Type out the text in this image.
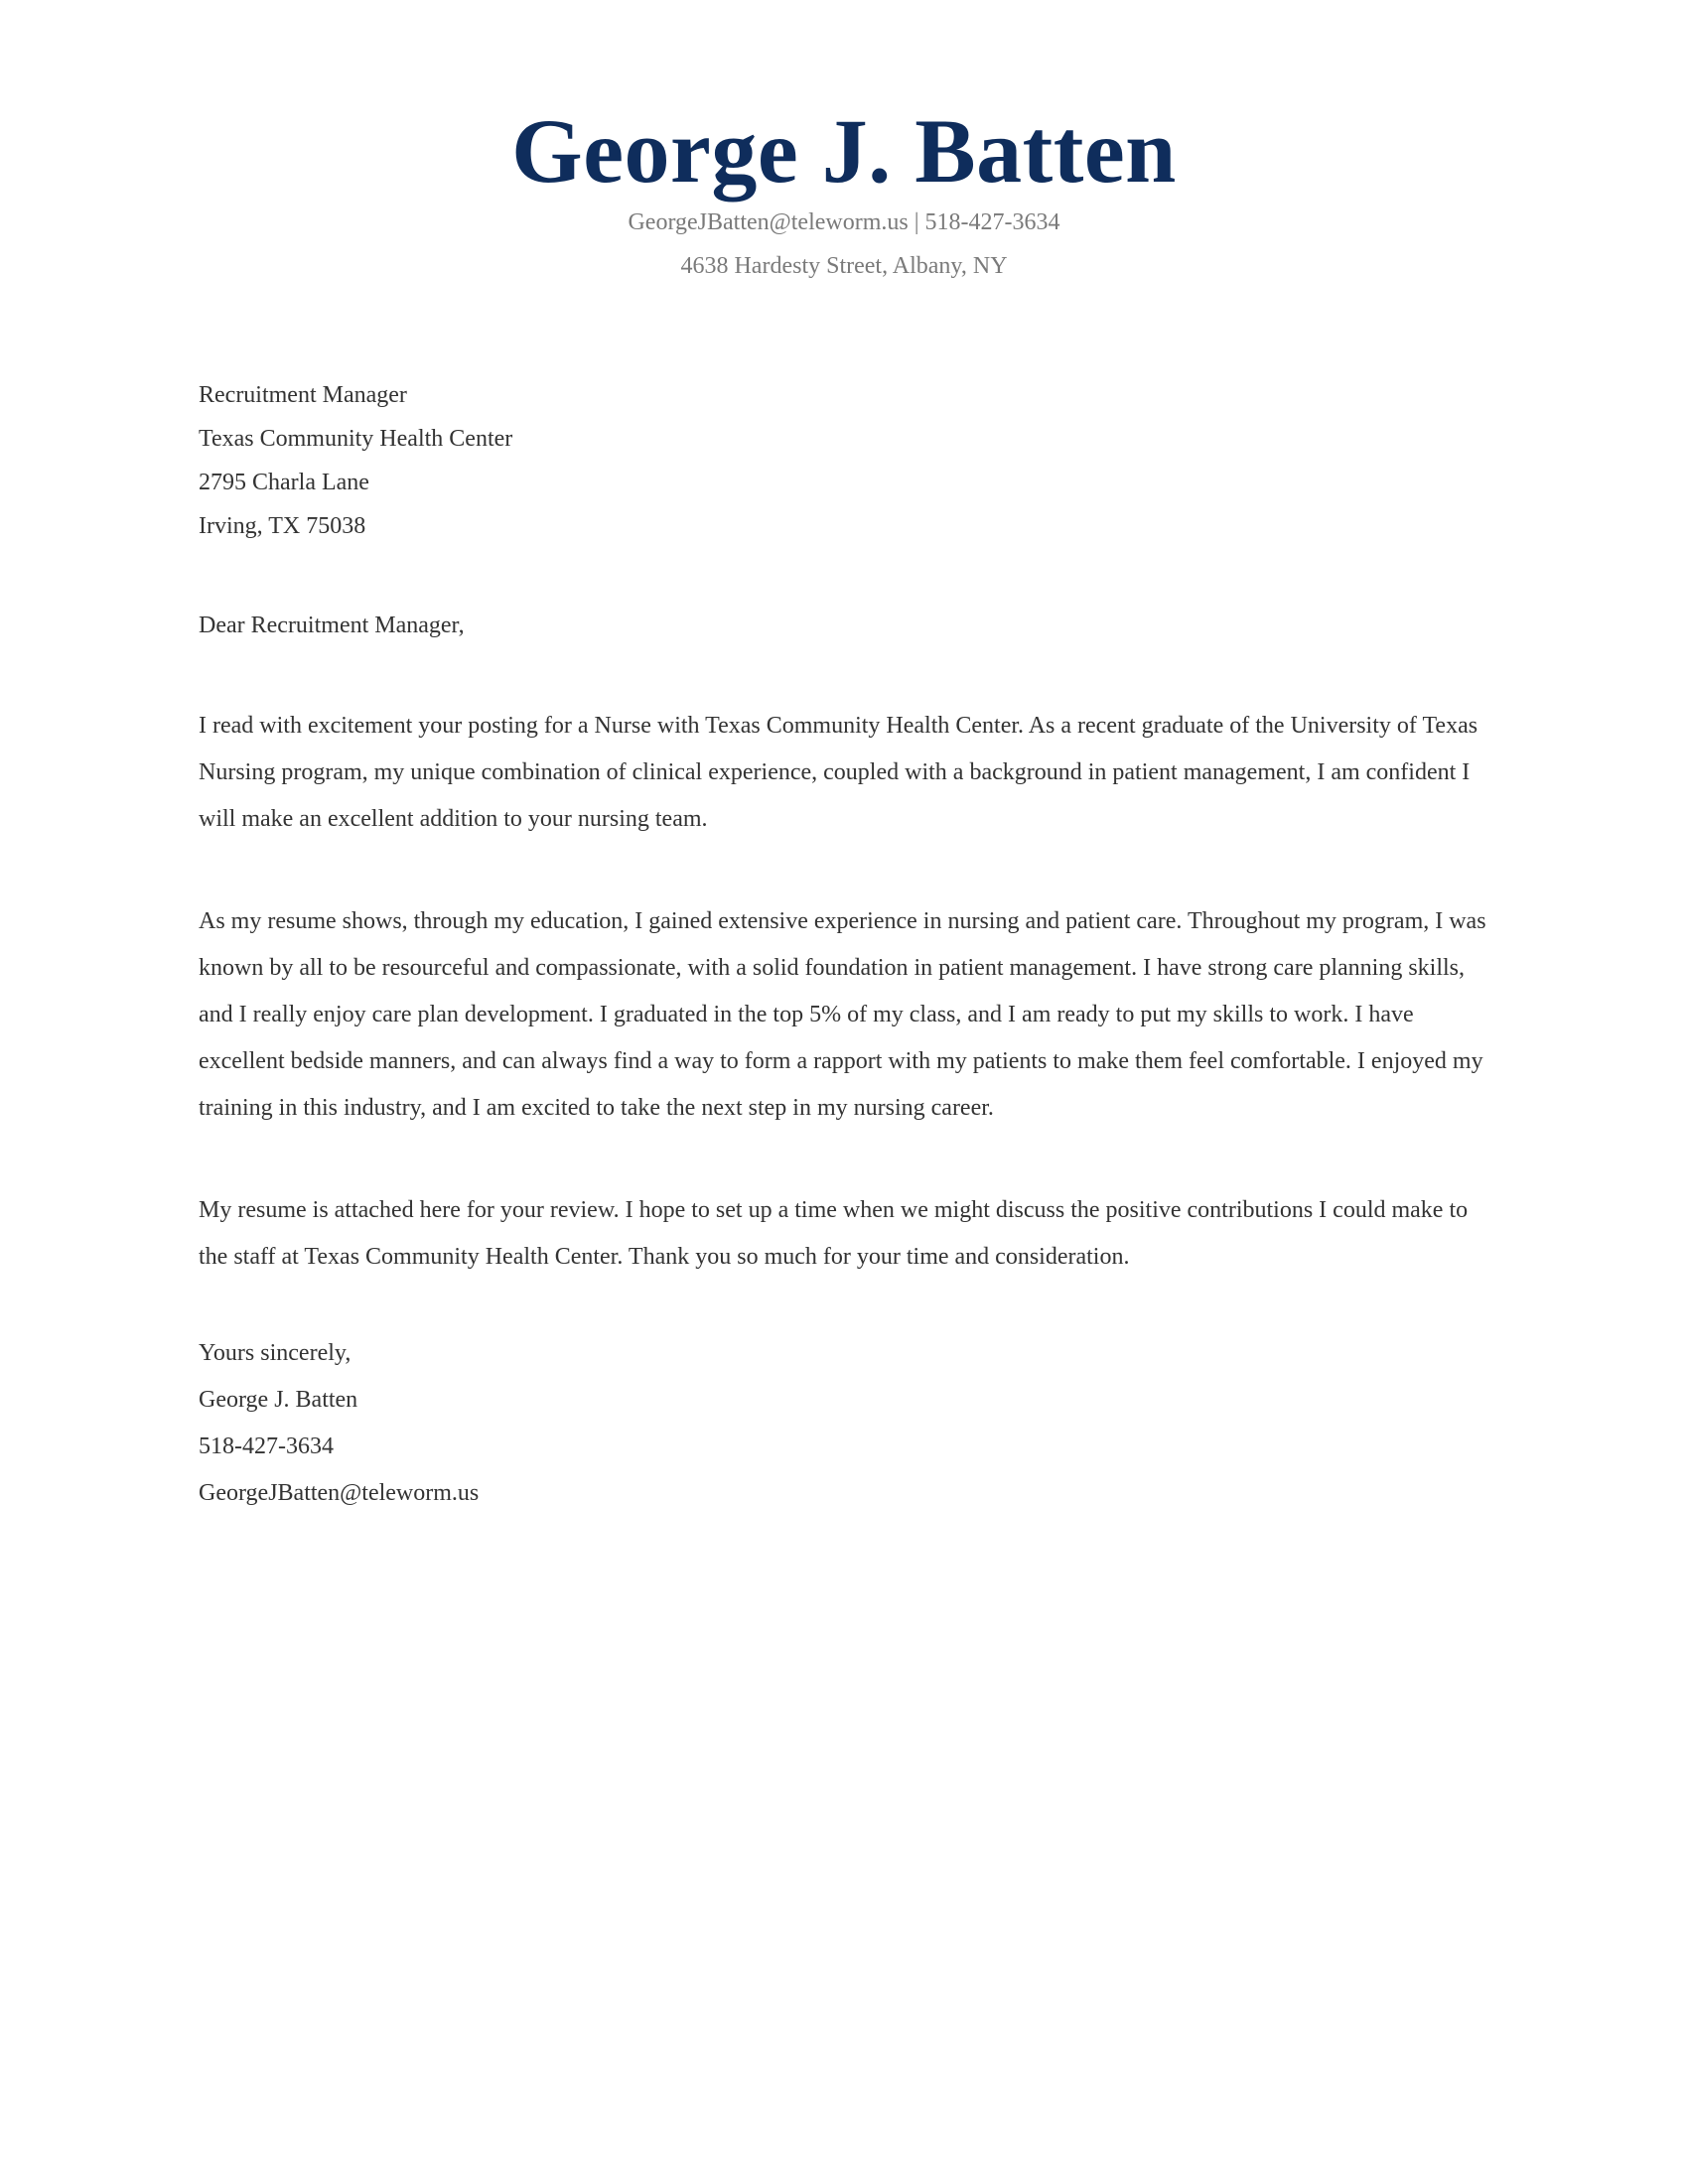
George J. Batten

GeorgeJBatten@teleworm.us | 518-427-3634

4638 Hardesty Street, Albany, NY

Recruitment Manager
Texas Community Health Center
2795 Charla Lane
Irving, TX 75038
Dear Recruitment Manager,
I read with excitement your posting for a Nurse with Texas Community Health Center. As a recent graduate of the University of Texas Nursing program, my unique combination of clinical experience, coupled with a background in patient management, I am confident I will make an excellent addition to your nursing team.
As my resume shows, through my education, I gained extensive experience in nursing and patient care. Throughout my program, I was known by all to be resourceful and compassionate, with a solid foundation in patient management. I have strong care planning skills, and I really enjoy care plan development. I graduated in the top 5% of my class, and I am ready to put my skills to work. I have excellent bedside manners, and can always find a way to form a rapport with my patients to make them feel comfortable. I enjoyed my training in this industry, and I am excited to take the next step in my nursing career.
My resume is attached here for your review. I hope to set up a time when we might discuss the positive contributions I could make to the staff at Texas Community Health Center. Thank you so much for your time and consideration.
Yours sincerely,
George J. Batten
518-427-3634
GeorgeJBatten@teleworm.us
